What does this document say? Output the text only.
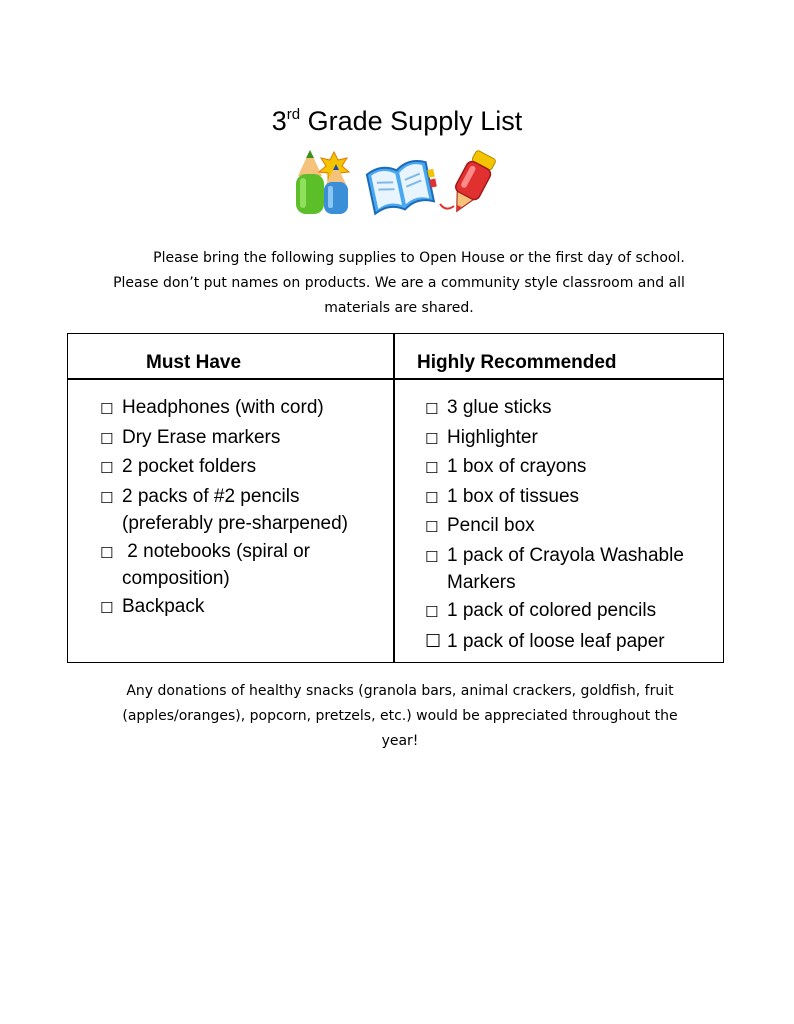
3rd Grade Supply List
Please bring the following supplies to Open House or the first day of school.
Please don’t put names on products. We are a community style classroom and all
materials are shared.
Must Have	Highly Recommended
☐ Headphones (with cord)
☐ Dry Erase markers
☐ 2 pocket folders
☐ 2 packs of #2 pencils
(preferably pre-sharpened)
☐ 2 notebooks (spiral or
composition)
☐ Backpack
☐ 3 glue sticks
☐ Highlighter
☐ 1 box of crayons
☐ 1 box of tissues
☐ Pencil box
☐ 1 pack of Crayola Washable
Markers
☐ 1 pack of colored pencils
☐ 1 pack of loose leaf paper
Any donations of healthy snacks (granola bars, animal crackers, goldfish, fruit
(apples/oranges), popcorn, pretzels, etc.) would be appreciated throughout the
year!
